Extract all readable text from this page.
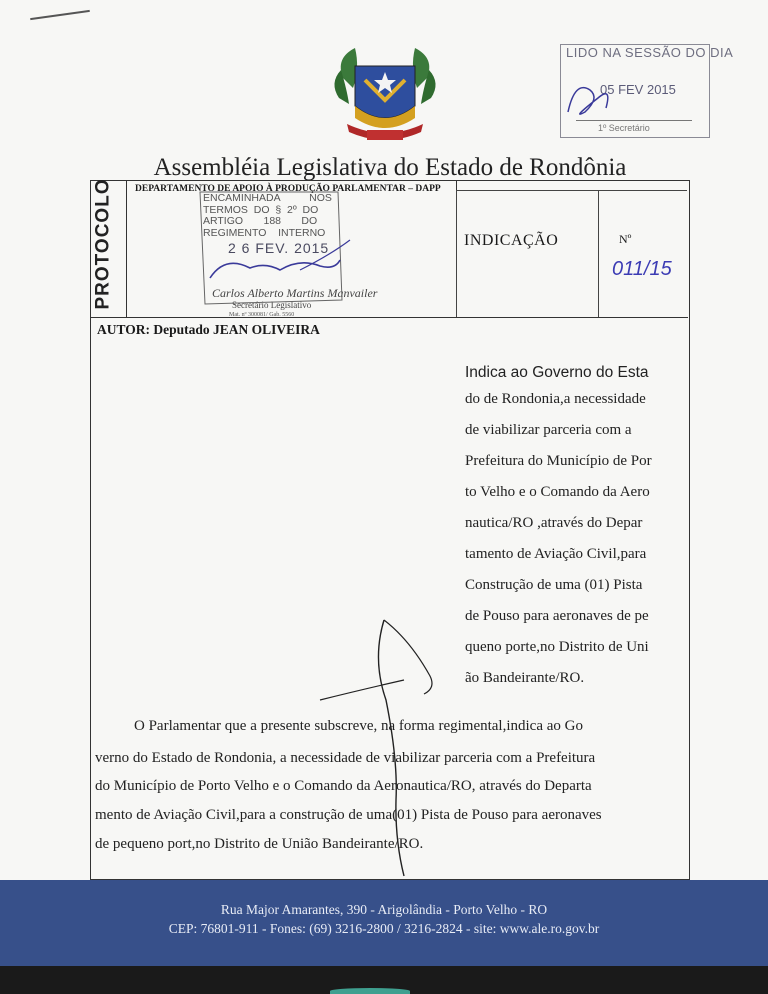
LIDO NA SESSÃO DO DIA
05 FEV 2015
1º Secretário
Assembléia Legislativa do Estado de Rondônia
PROTOCOLO	DEPARTAMENTO DE APOIO À PRODUÇÃO PARLAMENTAR – DAPP
INDICAÇÃO	Nº
011/15
AUTOR: Deputado JEAN OLIVEIRA
ENCAMINHADA          NOS
TERMOS  DO  §  2º  DO
ARTIGO       188       DO
REGIMENTO    INTERNO
2 6 FEV. 2015
Carlos Alberto Martins Manvailer
Secretário Legislativo
Mat. nº 300081/ Gab. 5560
Indica ao Governo do Esta
do de Rondonia,a necessidade
de viabilizar parceria com a
Prefeitura do Município de Por
to Velho e o Comando da Aero
nautica/RO ,através do Depar
tamento de Aviação Civil,para
Construção de uma (01) Pista
de Pouso para aeronaves de pe
queno porte,no Distrito de Uni
ão Bandeirante/RO.
O Parlamentar que a presente subscreve, na forma regimental,indica ao Go
verno do Estado de Rondonia, a necessidade de viabilizar parceria com a Prefeitura
do Município de Porto Velho e o Comando da Aeronautica/RO, através do Departa
mento de Aviação Civil,para a construção de uma(01) Pista de Pouso para aeronaves
de pequeno port,no Distrito de União Bandeirante/RO.
Rua Major Amarantes, 390 - Arigolândia - Porto Velho - RO
CEP: 76801-911 - Fones: (69) 3216-2800 / 3216-2824 - site: www.ale.ro.gov.br
